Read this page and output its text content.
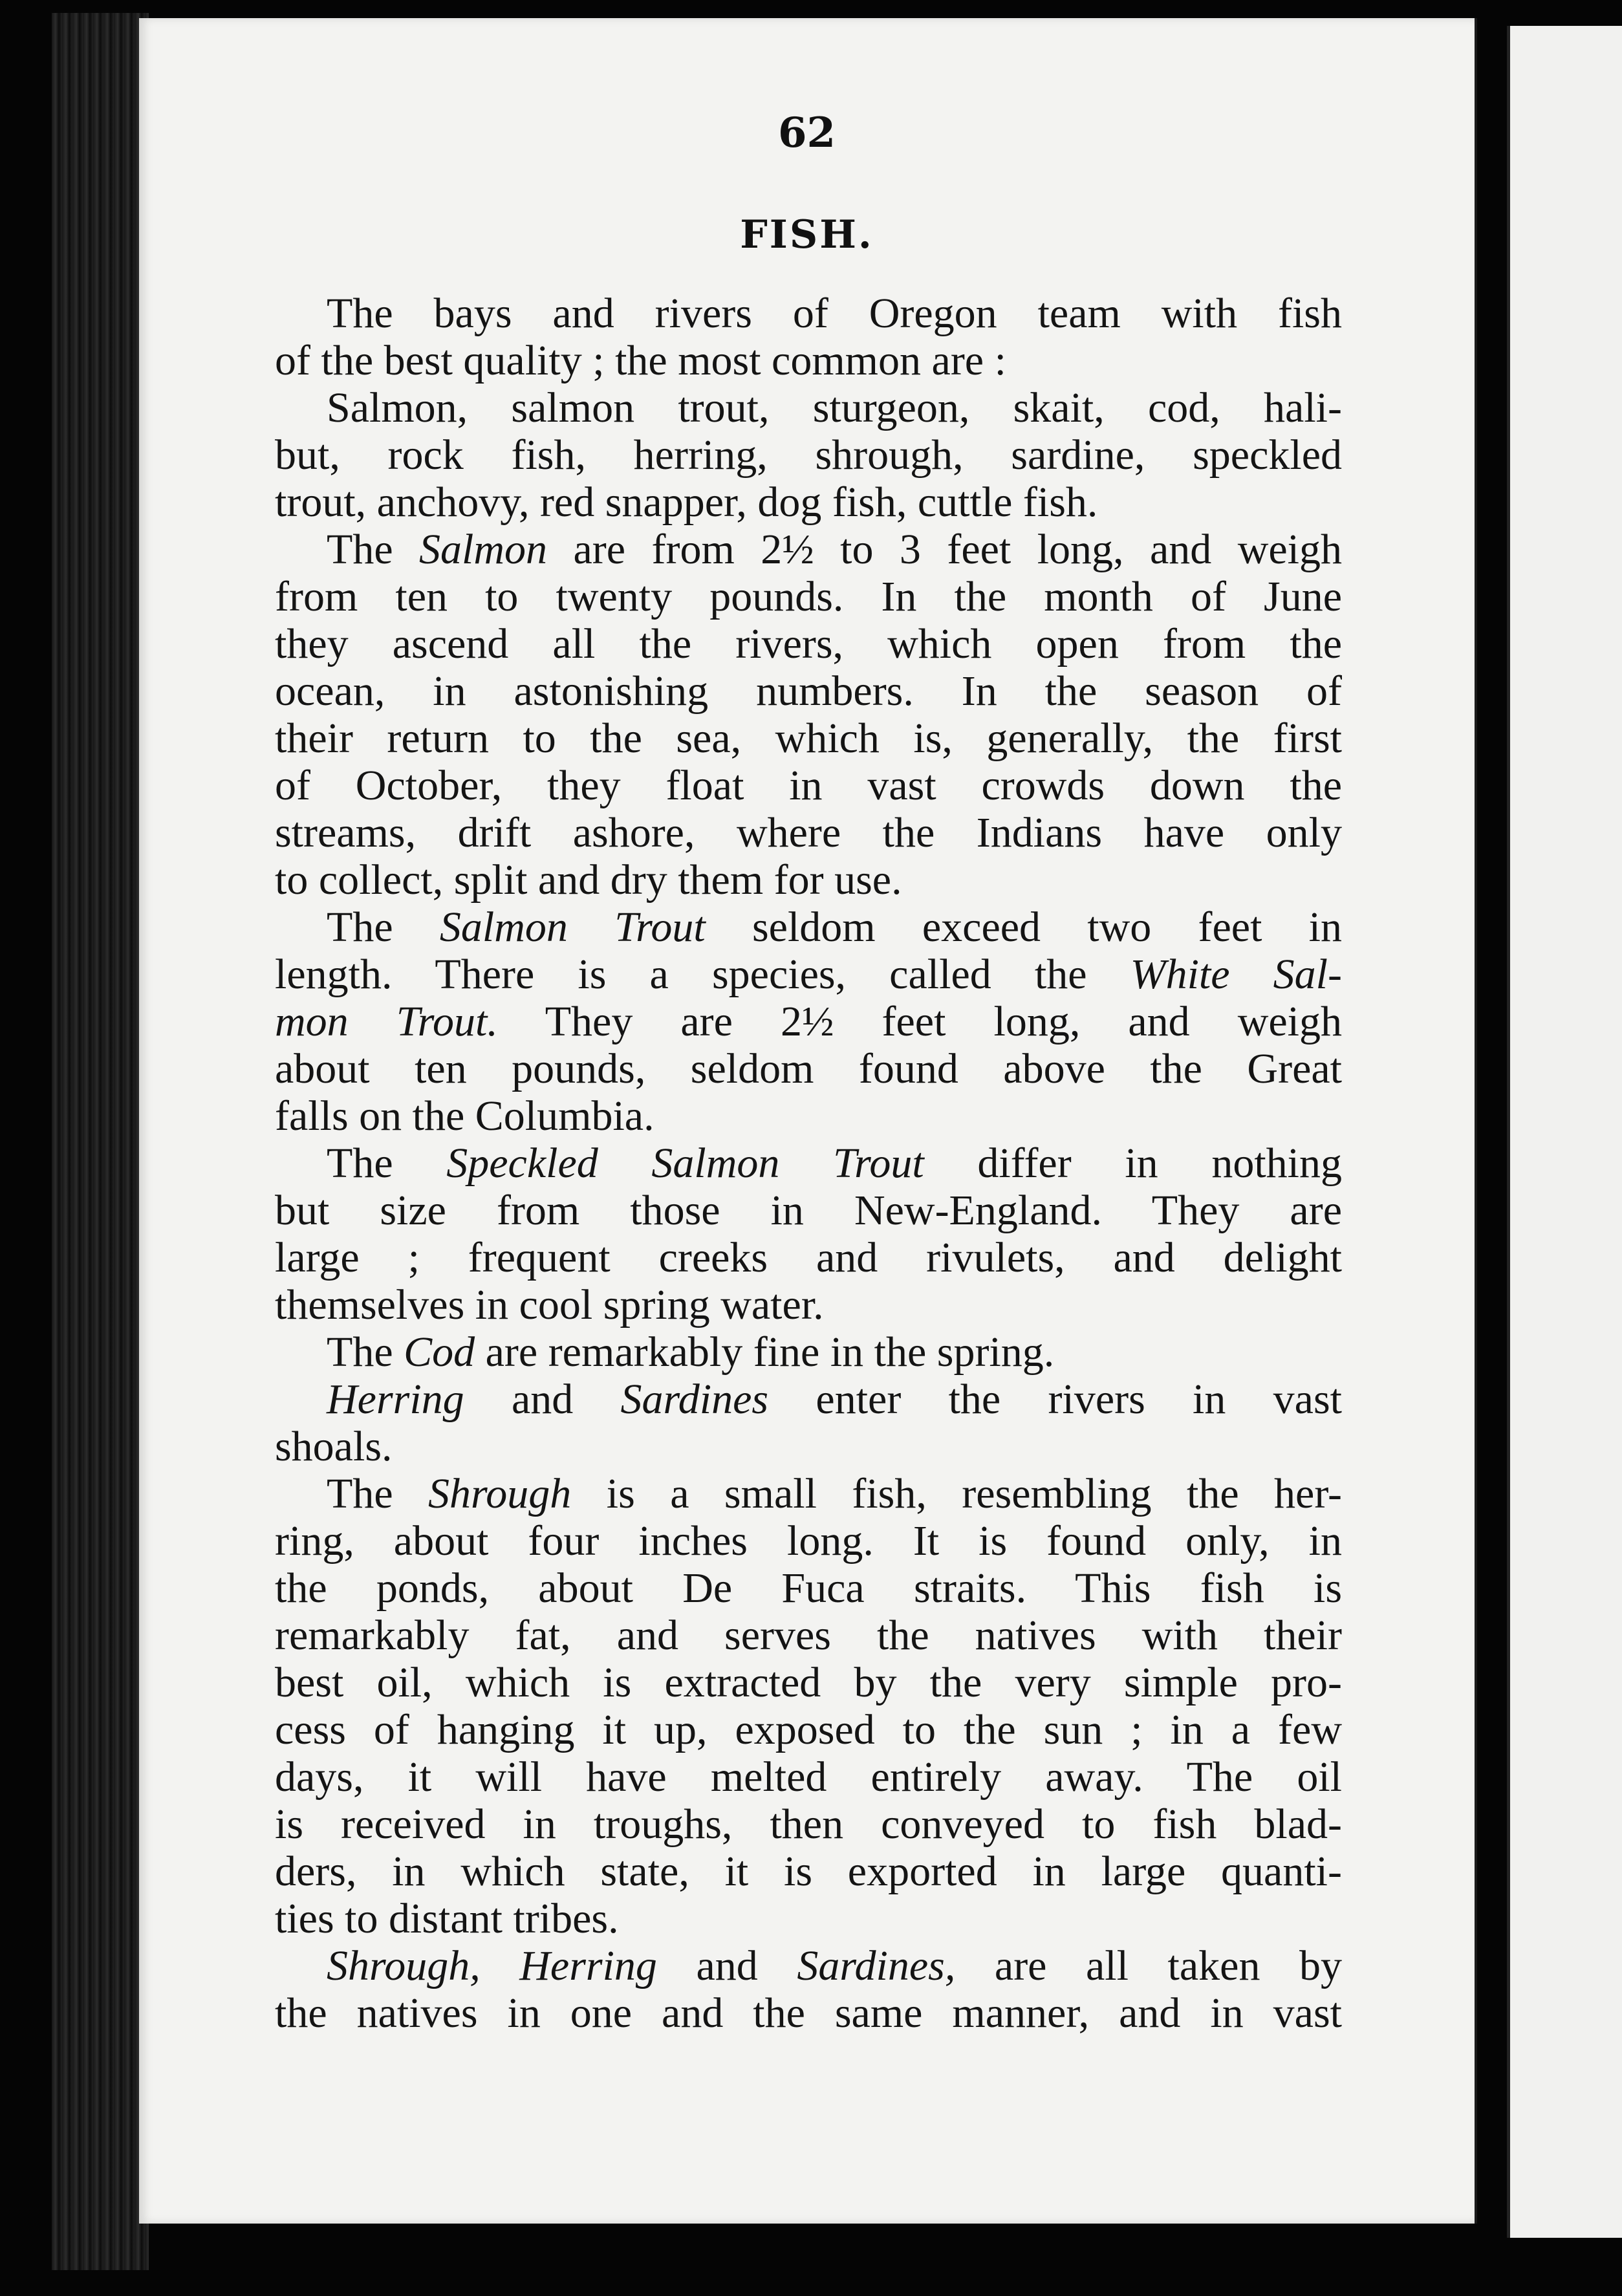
62
FISH.
The bays and rivers of Oregon team with fish
of the best quality ; the most common are :
Salmon, salmon trout, sturgeon, skait, cod, hali-
but, rock fish, herring, shrough, sardine, speckled
trout, anchovy, red snapper, dog fish, cuttle fish.
The Salmon are from 2½ to 3 feet long, and weigh
from ten to twenty pounds. In the month of June
they ascend all the rivers, which open from the
ocean, in astonishing numbers. In the season of
their return to the sea, which is, generally, the first
of October, they float in vast crowds down the
streams, drift ashore, where the Indians have only
to collect, split and dry them for use.
The Salmon Trout seldom exceed two feet in
length. There is a species, called the White Sal-
mon Trout. They are 2½ feet long, and weigh
about ten pounds, seldom found above the Great
falls on the Columbia.
The Speckled Salmon Trout differ in nothing
but size from those in New-England. They are
large ; frequent creeks and rivulets, and delight
themselves in cool spring water.
The Cod are remarkably fine in the spring.
Herring and Sardines enter the rivers in vast
shoals.
The Shrough is a small fish, resembling the her-
ring, about four inches long. It is found only, in
the ponds, about De Fuca straits. This fish is
remarkably fat, and serves the natives with their
best oil, which is extracted by the very simple pro-
cess of hanging it up, exposed to the sun ; in a few
days, it will have melted entirely away. The oil
is received in troughs, then conveyed to fish blad-
ders, in which state, it is exported in large quanti-
ties to distant tribes.
Shrough, Herring and Sardines, are all taken by
the natives in one and the same manner, and in vast
